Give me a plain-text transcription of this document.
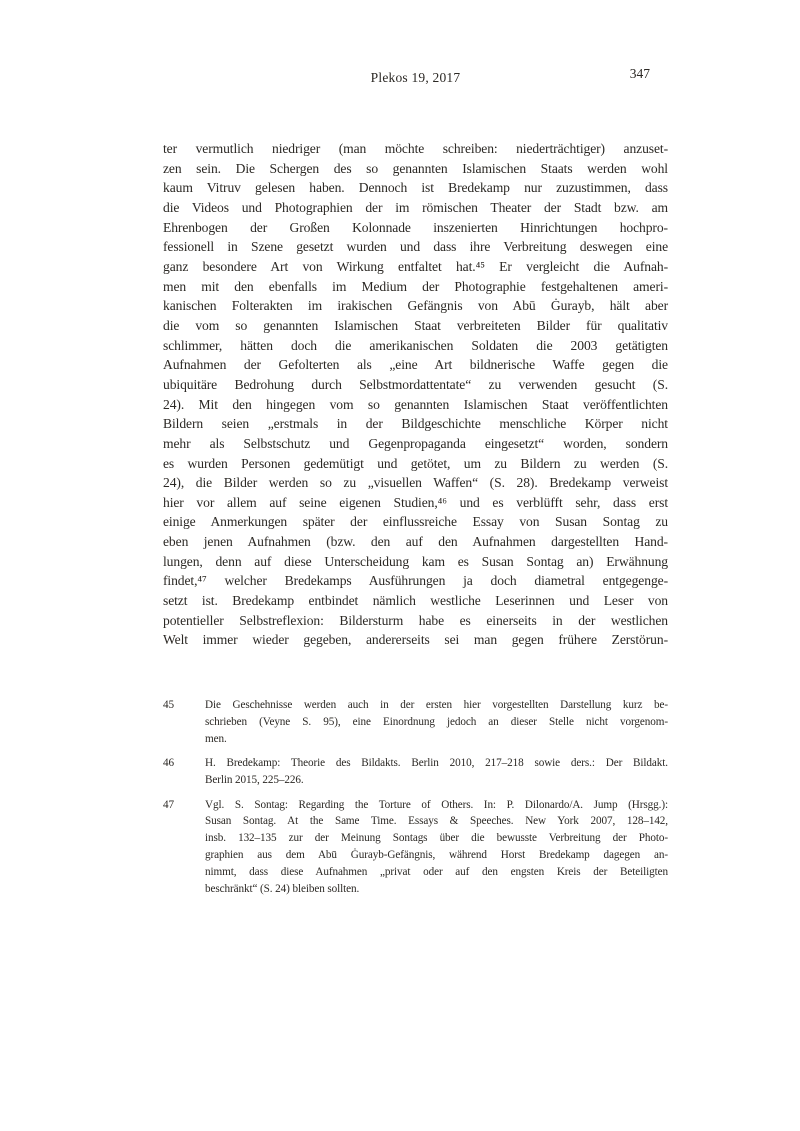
Plekos 19, 2017	347
ter vermutlich niedriger (man möchte schreiben: niederträchtiger) anzuset-
zen sein. Die Schergen des so genannten Islamischen Staats werden wohl
kaum Vitruv gelesen haben. Dennoch ist Bredekamp nur zuzustimmen, dass
die Videos und Photographien der im römischen Theater der Stadt bzw. am
Ehrenbogen der Großen Kolonnade inszenierten Hinrichtungen hochpro-
fessionell in Szene gesetzt wurden und dass ihre Verbreitung deswegen eine
ganz besondere Art von Wirkung entfaltet hat.⁴⁵ Er vergleicht die Aufnah-
men mit den ebenfalls im Medium der Photographie festgehaltenen ameri-
kanischen Folterakten im irakischen Gefängnis von Abū Ġurayb, hält aber
die vom so genannten Islamischen Staat verbreiteten Bilder für qualitativ
schlimmer, hätten doch die amerikanischen Soldaten die 2003 getätigten
Aufnahmen der Gefolterten als „eine Art bildnerische Waffe gegen die
ubiquitäre Bedrohung durch Selbstmordattentate“ zu verwenden gesucht (S.
24). Mit den hingegen vom so genannten Islamischen Staat veröffentlichten
Bildern seien „erstmals in der Bildgeschichte menschliche Körper nicht
mehr als Selbstschutz und Gegenpropaganda eingesetzt“ worden, sondern
es wurden Personen gedemütigt und getötet, um zu Bildern zu werden (S.
24), die Bilder werden so zu „visuellen Waffen“ (S. 28). Bredekamp verweist
hier vor allem auf seine eigenen Studien,⁴⁶ und es verblüfft sehr, dass erst
einige Anmerkungen später der einflussreiche Essay von Susan Sontag zu
eben jenen Aufnahmen (bzw. den auf den Aufnahmen dargestellten Hand-
lungen, denn auf diese Unterscheidung kam es Susan Sontag an) Erwähnung
findet,⁴⁷ welcher Bredekamps Ausführungen ja doch diametral entgegenge-
setzt ist. Bredekamp entbindet nämlich westliche Leserinnen und Leser von
potentieller Selbstreflexion: Bildersturm habe es einerseits in der westlichen
Welt immer wieder gegeben, andererseits sei man gegen frühere Zerstörun-
45	Die Geschehnisse werden auch in der ersten hier vorgestellten Darstellung kurz be-
schrieben (Veyne S. 95), eine Einordnung jedoch an dieser Stelle nicht vorgenom-
men.
46	H. Bredekamp: Theorie des Bildakts. Berlin 2010, 217–218 sowie ders.: Der Bildakt.
Berlin 2015, 225–226.
47	Vgl. S. Sontag: Regarding the Torture of Others. In: P. Dilonardo/A. Jump (Hrsgg.):
Susan Sontag. At the Same Time. Essays & Speeches. New York 2007, 128–142,
insb. 132–135 zur der Meinung Sontags über die bewusste Verbreitung der Photo-
graphien aus dem Abū Ġurayb-Gefängnis, während Horst Bredekamp dagegen an-
nimmt, dass diese Aufnahmen „privat oder auf den engsten Kreis der Beteiligten
beschränkt“ (S. 24) bleiben sollten.
